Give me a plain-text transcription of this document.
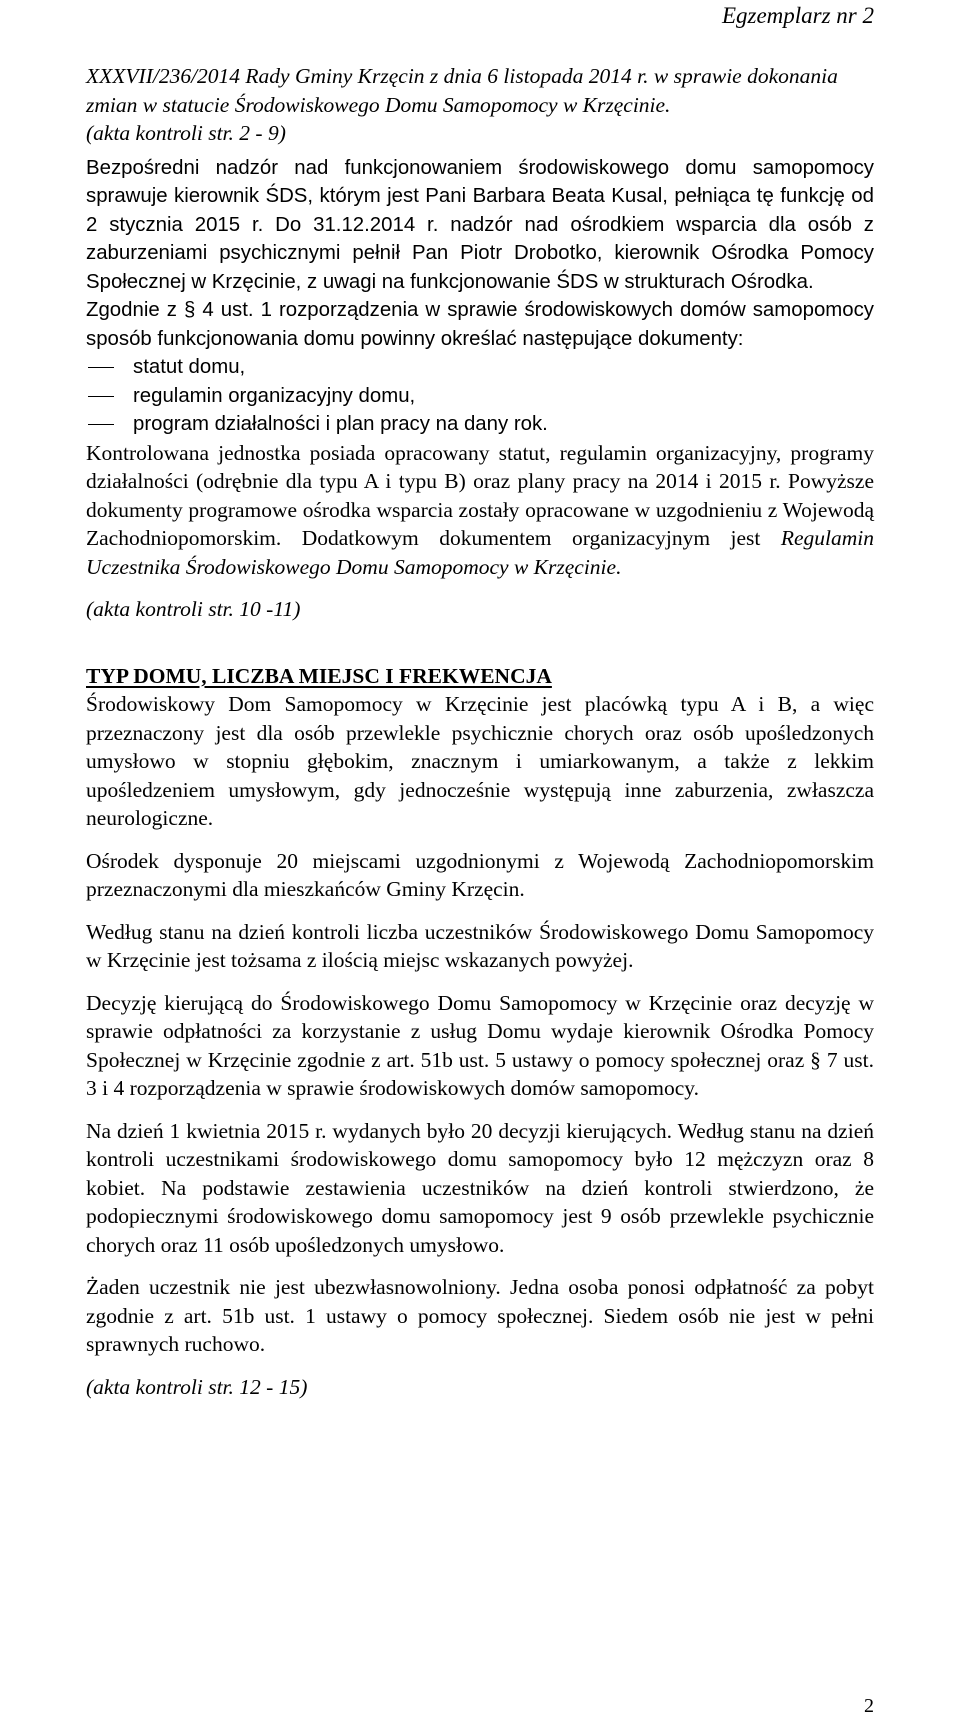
Egzemplarz nr 2

XXXVII/236/2014 Rady Gminy Krzęcin z dnia 6 listopada 2014 r. w sprawie dokonania zmian w statucie Środowiskowego Domu Samopomocy w Krzęcinie.

(akta kontroli str. 2 - 9)

Bezpośredni nadzór nad funkcjonowaniem środowiskowego domu samopomocy sprawuje kierownik ŚDS, którym jest Pani Barbara Beata Kusal, pełniąca tę funkcję od 2 stycznia 2015 r. Do 31.12.2014 r. nadzór nad ośrodkiem wsparcia dla osób z zaburzeniami psychicznymi pełnił Pan Piotr Drobotko, kierownik Ośrodka Pomocy Społecznej w Krzęcinie, z uwagi na funkcjonowanie ŚDS w strukturach Ośrodka.

Zgodnie z § 4 ust. 1 rozporządzenia w sprawie środowiskowych domów samopomocy sposób funkcjonowania domu powinny określać następujące dokumenty:

statut domu,
regulamin organizacyjny domu,
program działalności i plan pracy na dany rok.

Kontrolowana jednostka posiada opracowany statut, regulamin organizacyjny, programy działalności (odrębnie dla typu A i typu B) oraz plany pracy na 2014 i 2015 r. Powyższe dokumenty programowe ośrodka wsparcia zostały opracowane w uzgodnieniu z Wojewodą Zachodniopomorskim. Dodatkowym dokumentem organizacyjnym jest Regulamin Uczestnika Środowiskowego Domu Samopomocy w Krzęcinie.

(akta kontroli str. 10 -11)

TYP DOMU, LICZBA MIEJSC I FREKWENCJA

Środowiskowy Dom Samopomocy w Krzęcinie jest placówką typu A i B, a więc przeznaczony jest dla osób przewlekle psychicznie chorych oraz osób upośledzonych umysłowo w stopniu głębokim, znacznym i umiarkowanym, a także z lekkim upośledzeniem umysłowym, gdy jednocześnie występują inne zaburzenia, zwłaszcza neurologiczne.

Ośrodek dysponuje 20 miejscami uzgodnionymi z Wojewodą Zachodniopomorskim przeznaczonymi dla mieszkańców Gminy Krzęcin.

Według stanu na dzień kontroli liczba uczestników Środowiskowego Domu Samopomocy w Krzęcinie jest tożsama z ilością miejsc wskazanych powyżej.

Decyzję kierującą do Środowiskowego Domu Samopomocy w Krzęcinie oraz decyzję w sprawie odpłatności za korzystanie z usług Domu wydaje kierownik Ośrodka Pomocy Społecznej w Krzęcinie zgodnie z art. 51b ust. 5 ustawy o pomocy społecznej oraz § 7 ust. 3 i 4 rozporządzenia w sprawie środowiskowych domów samopomocy.

Na dzień 1 kwietnia 2015 r. wydanych było 20 decyzji kierujących. Według stanu na dzień kontroli uczestnikami środowiskowego domu samopomocy było 12 mężczyzn oraz 8 kobiet. Na podstawie zestawienia uczestników na dzień kontroli stwierdzono, że podopiecznymi środowiskowego domu samopomocy jest 9 osób przewlekle psychicznie chorych oraz 11 osób upośledzonych umysłowo.

Żaden uczestnik nie jest ubezwłasnowolniony. Jedna osoba ponosi odpłatność za pobyt zgodnie z art. 51b ust. 1 ustawy o pomocy społecznej. Siedem osób nie jest w pełni sprawnych ruchowo.

(akta kontroli str. 12 - 15)

2
